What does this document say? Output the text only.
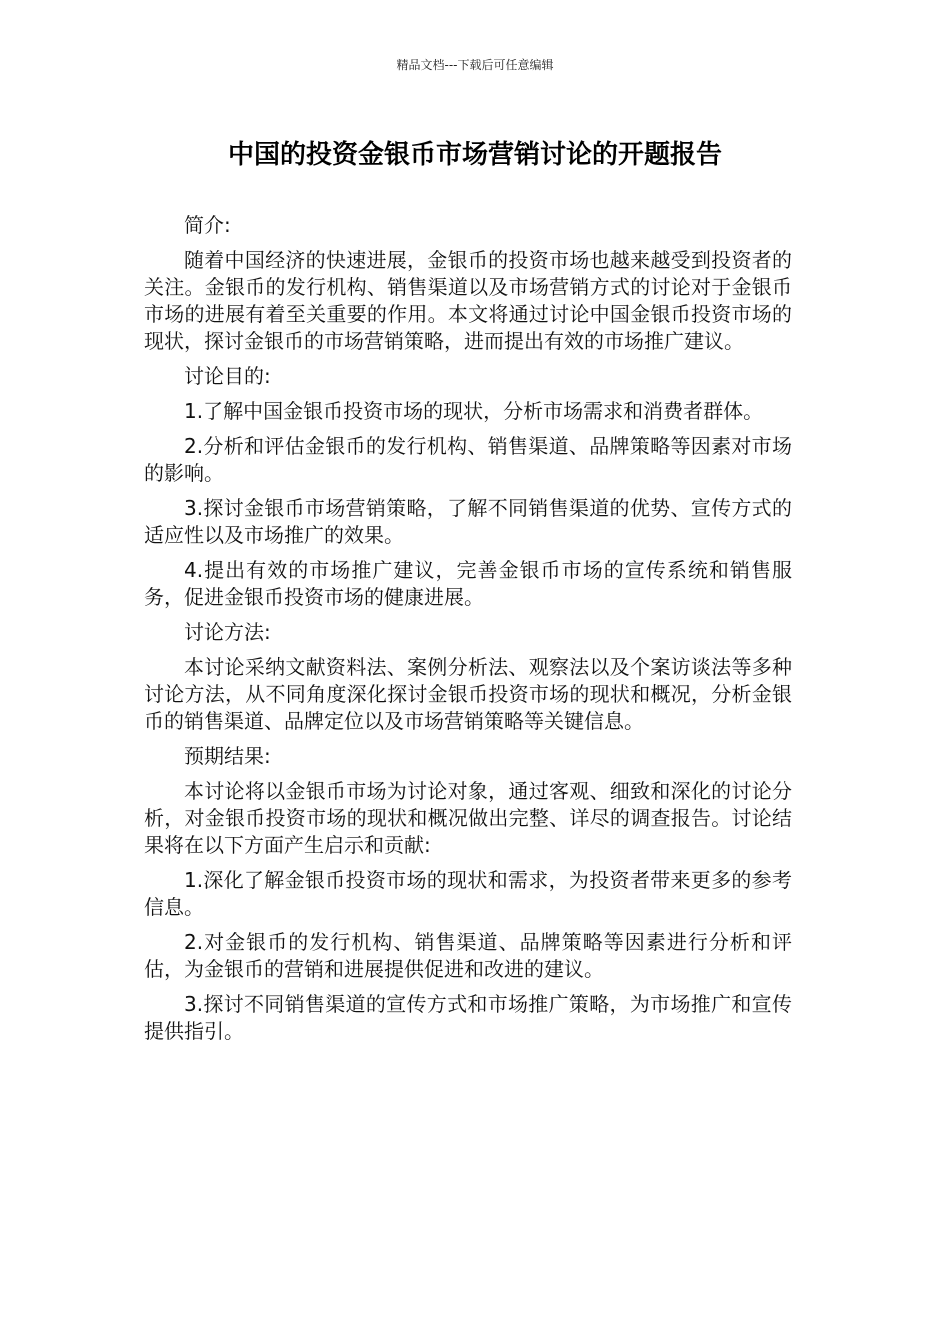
精品文档---下载后可任意编辑
中国的投资金银币市场营销讨论的开题报告

简介:

随着中国经济的快速进展，金银币的投资市场也越来越受到投资者的关注。金银币的发行机构、销售渠道以及市场营销方式的讨论对于金银币市场的进展有着至关重要的作用。本文将通过讨论中国金银币投资市场的现状，探讨金银币的市场营销策略，进而提出有效的市场推广建议。

讨论目的:

1.了解中国金银币投资市场的现状，分析市场需求和消费者群体。

2.分析和评估金银币的发行机构、销售渠道、品牌策略等因素对市场的影响。

3.探讨金银币市场营销策略，了解不同销售渠道的优势、宣传方式的适应性以及市场推广的效果。

4.提出有效的市场推广建议，完善金银币市场的宣传系统和销售服务，促进金银币投资市场的健康进展。

讨论方法:

本讨论采纳文献资料法、案例分析法、观察法以及个案访谈法等多种讨论方法，从不同角度深化探讨金银币投资市场的现状和概况，分析金银币的销售渠道、品牌定位以及市场营销策略等关键信息。

预期结果:

本讨论将以金银币市场为讨论对象，通过客观、细致和深化的讨论分析，对金银币投资市场的现状和概况做出完整、详尽的调查报告。讨论结果将在以下方面产生启示和贡献:

1.深化了解金银币投资市场的现状和需求，为投资者带来更多的参考信息。

2.对金银币的发行机构、销售渠道、品牌策略等因素进行分析和评估，为金银币的营销和进展提供促进和改进的建议。

3.探讨不同销售渠道的宣传方式和市场推广策略，为市场推广和宣传提供指引。
